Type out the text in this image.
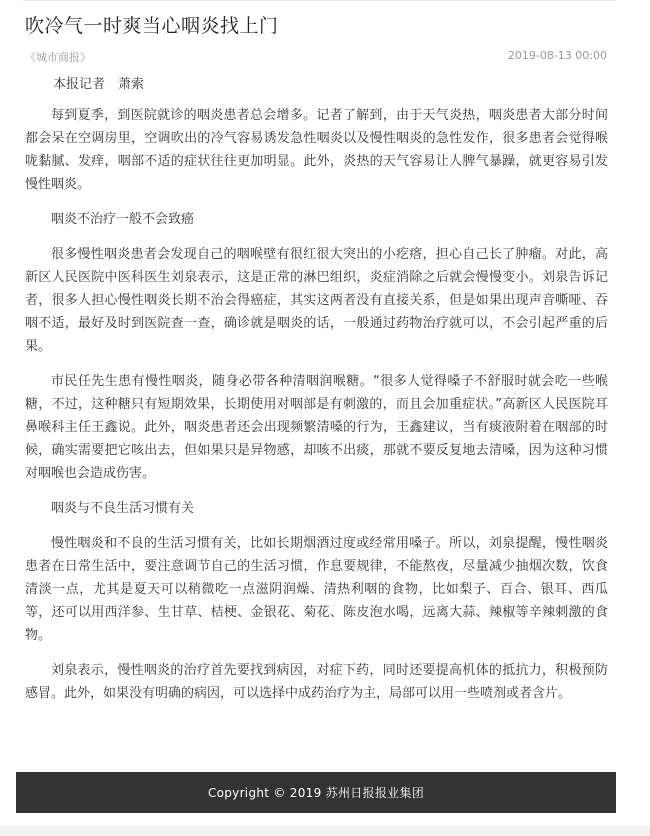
吹冷气一时爽当心咽炎找上门
《城市商报》	2019-08-13 00:00
本报记者　萧索

每到夏季，到医院就诊的咽炎患者总会增多。记者了解到，由于天气炎热，咽炎患者大部分时间都会呆在空调房里，空调吹出的冷气容易诱发急性咽炎以及慢性咽炎的急性发作，很多患者会觉得喉咙黏腻、发痒，咽部不适的症状往往更加明显。此外，炎热的天气容易让人脾气暴躁，就更容易引发慢性咽炎。

咽炎不治疗一般不会致癌

很多慢性咽炎患者会发现自己的咽喉壁有很红很大突出的小疙瘩，担心自己长了肿瘤。对此，高新区人民医院中医科医生刘泉表示，这是正常的淋巴组织，炎症消除之后就会慢慢变小。刘泉告诉记者，很多人担心慢性咽炎长期不治会得癌症，其实这两者没有直接关系，但是如果出现声音嘶哑、吞咽不适，最好及时到医院查一查，确诊就是咽炎的话，一般通过药物治疗就可以，不会引起严重的后果。

市民任先生患有慢性咽炎，随身必带各种清咽润喉糖。“很多人觉得嗓子不舒服时就会吃一些喉糖，不过，这种糖只有短期效果，长期使用对咽部是有刺激的，而且会加重症状。”高新区人民医院耳鼻喉科主任王鑫说。此外，咽炎患者还会出现频繁清嗓的行为，王鑫建议，当有痰液附着在咽部的时候，确实需要把它咳出去，但如果只是异物感，却咳不出痰，那就不要反复地去清嗓，因为这种习惯对咽喉也会造成伤害。

咽炎与不良生活习惯有关

慢性咽炎和不良的生活习惯有关，比如长期烟酒过度或经常用嗓子。所以，刘泉提醒，慢性咽炎患者在日常生活中，要注意调节自己的生活习惯，作息要规律，不能熬夜，尽量减少抽烟次数，饮食清淡一点，尤其是夏天可以稍微吃一点滋阴润燥、清热利咽的食物，比如梨子、百合、银耳、西瓜等，还可以用西洋参、生甘草、桔梗、金银花、菊花、陈皮泡水喝，远离大蒜、辣椒等辛辣刺激的食物。

刘泉表示，慢性咽炎的治疗首先要找到病因，对症下药，同时还要提高机体的抵抗力，积极预防感冒。此外，如果没有明确的病因，可以选择中成药治疗为主，局部可以用一些喷剂或者含片。

Copyright © 2019 苏州日报报业集团
